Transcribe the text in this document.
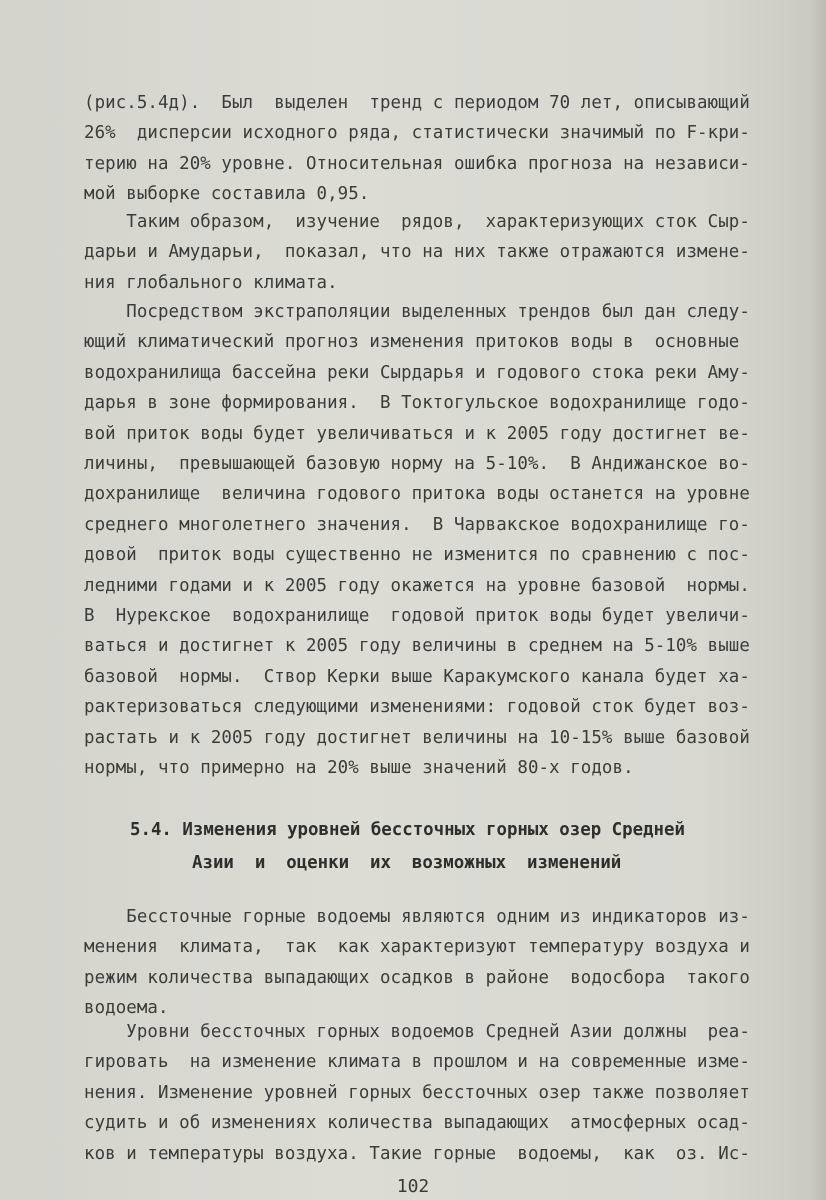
(рис.5.4д).  Был  выделен  тренд с периодом 70 лет, описывающий
26%  дисперсии исходного ряда, статистически значимый по F-кри-
терию на 20% уровне. Относительная ошибка прогноза на независи-
мой выборке составила 0,95.
Таким образом,  изучение  рядов,  характеризующих сток Сыр-
дарьи и Амударьи,  показал, что на них также отражаются измене-
ния глобального климата.
Посредством экстраполяции выделенных трендов был дан следу-
ющий климатический прогноз изменения притоков воды в  основные
водохранилища бассейна реки Сырдарья и годового стока реки Аму-
дарья в зоне формирования.  В Токтогульское водохранилище годо-
вой приток воды будет увеличиваться и к 2005 году достигнет ве-
личины,  превышающей базовую норму на 5-10%.  В Андижанское во-
дохранилище  величина годового притока воды останется на уровне
среднего многолетнего значения.  В Чарвакское водохранилище го-
довой  приток воды существенно не изменится по сравнению с пос-
ледними годами и к 2005 году окажется на уровне базовой  нормы.
В  Нурекское  водохранилище  годовой приток воды будет увеличи-
ваться и достигнет к 2005 году величины в среднем на 5-10% выше
базовой  нормы.  Створ Керки выше Каракумского канала будет ха-
рактеризоваться следующими изменениями: годовой сток будет воз-
растать и к 2005 году достигнет величины на 10-15% выше базовой
нормы, что примерно на 20% выше значений 80-х годов.
5.4. Изменения уровней бессточных горных озер Средней
Азии  и  оценки  их  возможных  изменений
Бессточные горные водоемы являются одним из индикаторов из-
менения  климата,  так  как характеризуют температуру воздуха и
режим количества выпадающих осадков в районе  водосбора  такого
водоема.
Уровни бессточных горных водоемов Средней Азии должны  реа-
гировать  на изменение климата в прошлом и на современные изме-
нения. Изменение уровней горных бессточных озер также позволяет
судить и об изменениях количества выпадающих  атмосферных осад-
ков и температуры воздуха. Такие горные  водоемы,  как  оз. Ис-
102
